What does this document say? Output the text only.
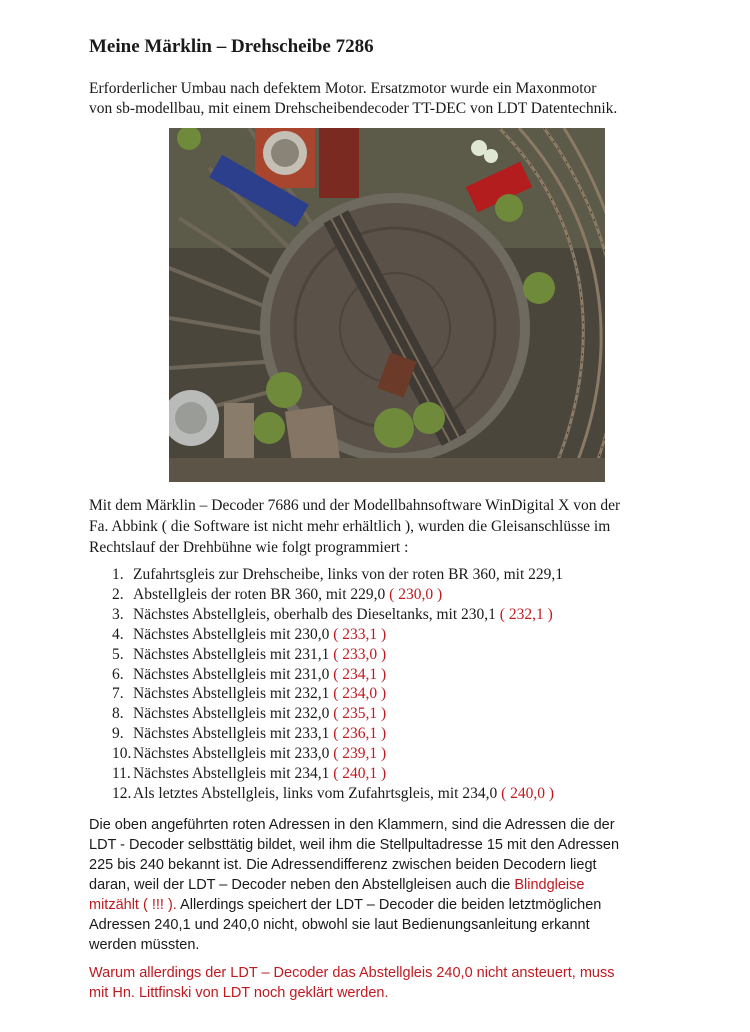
Meine Märklin – Drehscheibe 7286
Erforderlicher Umbau nach defektem Motor. Ersatzmotor wurde ein Maxonmotor
von sb-modellbau, mit einem Drehscheibendecoder TT-DEC von LDT Datentechnik.
Mit dem Märklin – Decoder 7686 und der Modellbahnsoftware WinDigital X von der
Fa. Abbink ( die Software ist nicht mehr erhältlich ), wurden die Gleisanschlüsse im
Rechtslauf der Drehbühne wie folgt programmiert :
1. Zufahrtsgleis zur Drehscheibe, links von der roten BR 360, mit 229,1
2. Abstellgleis der roten BR 360, mit 229,0 ( 230,0 )
3. Nächstes Abstellgleis, oberhalb des Dieseltanks, mit 230,1 ( 232,1 )
4. Nächstes Abstellgleis mit 230,0 ( 233,1 )
5. Nächstes Abstellgleis mit 231,1 ( 233,0 )
6. Nächstes Abstellgleis mit 231,0 ( 234,1 )
7. Nächstes Abstellgleis mit 232,1 ( 234,0 )
8. Nächstes Abstellgleis mit 232,0 ( 235,1 )
9. Nächstes Abstellgleis mit 233,1 ( 236,1 )
10. Nächstes Abstellgleis mit 233,0 ( 239,1 )
11. Nächstes Abstellgleis mit 234,1 ( 240,1 )
12. Als letztes Abstellgleis, links vom Zufahrtsgleis, mit 234,0 ( 240,0 )
Die oben angeführten roten Adressen in den Klammern, sind die Adressen die der
LDT - Decoder selbsttätig bildet, weil ihm die Stellpultadresse 15 mit den Adressen
225 bis 240 bekannt ist. Die Adressendifferenz zwischen beiden Decodern liegt
daran, weil der LDT – Decoder neben den Abstellgleisen auch die Blindgleise
mitzählt ( !!! ). Allerdings speichert der LDT – Decoder die beiden letztmöglichen
Adressen 240,1 und 240,0 nicht, obwohl sie laut Bedienungsanleitung erkannt
werden müssten.
Warum allerdings der LDT – Decoder das Abstellgleis 240,0 nicht ansteuert, muss
mit Hn. Littfinski von LDT noch geklärt werden.
